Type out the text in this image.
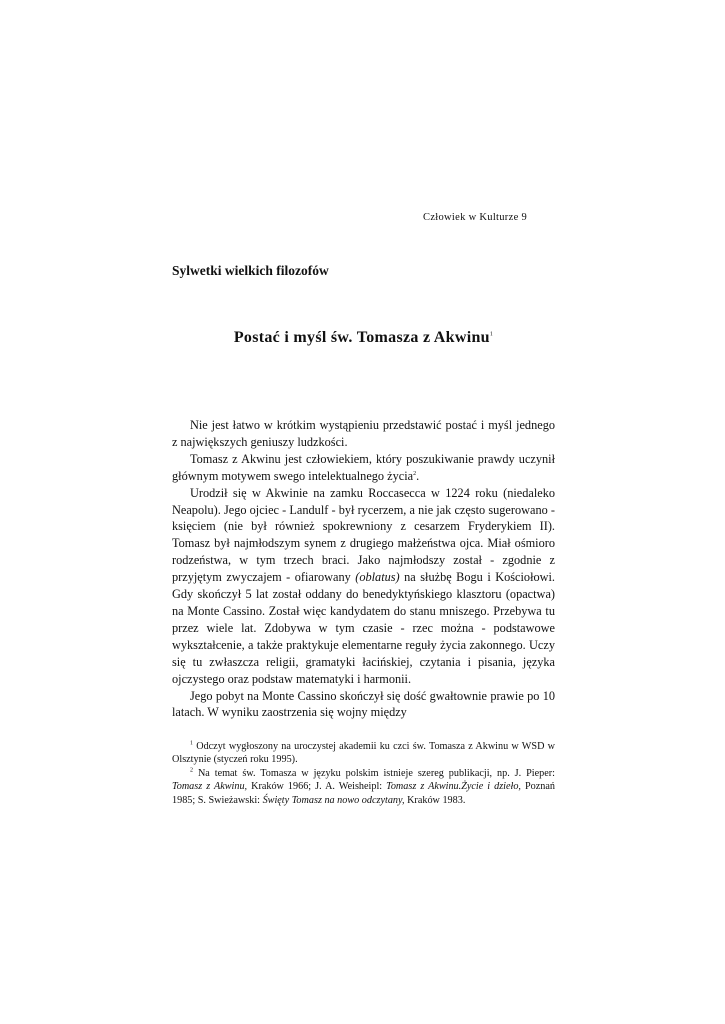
Człowiek w Kulturze 9
Sylwetki wielkich filozofów
Postać i myśl św. Tomasza z Akwinu$^1$

Nie jest łatwo w krótkim wystąpieniu przedstawić postać i myśl jednego z największych geniuszy ludzkości.

Tomasz z Akwinu jest człowiekiem, który poszukiwanie prawdy uczynił głównym motywem swego intelektualnego życia$^2$.

Urodził się w Akwinie na zamku Roccasecca w 1224 roku (niedaleko Neapolu). Jego ojciec - Landulf - był rycerzem, a nie jak często sugerowano - księciem (nie był również spokrewniony z cesarzem Fryderykiem II). Tomasz był najmłodszym synem z drugiego małżeństwa ojca. Miał ośmioro rodzeństwa, w tym trzech braci. Jako najmłodszy został - zgodnie z przyjętym zwyczajem - ofiarowany (oblatus) na służbę Bogu i Kościołowi. Gdy skończył 5 lat został oddany do benedyktyńskiego klasztoru (opactwa) na Monte Cassino. Został więc kandydatem do stanu mniszego. Przebywa tu przez wiele lat. Zdobywa w tym czasie - rzec można - podstawowe wykształcenie, a także praktykuje elementarne reguły życia zakonnego. Uczy się tu zwłaszcza religii, gramatyki łacińskiej, czytania i pisania, języka ojczystego oraz podstaw matematyki i harmonii.

Jego pobyt na Monte Cassino skończył się dość gwałtownie prawie po 10 latach. W wyniku zaostrzenia się wojny między

$^1$ Odczyt wygłoszony na uroczystej akademii ku czci św. Tomasza z Akwinu w WSD w Olsztynie (styczeń roku 1995).

$^2$ Na temat św. Tomasza w języku polskim istnieje szereg publikacji, np. J. Pieper: Tomasz z Akwinu, Kraków 1966; J. A. Weisheipl: Tomasz z Akwinu.Życie i dzieło, Poznań 1985; S. Swieżawski: Święty Tomasz na nowo odczytany, Kraków 1983.
